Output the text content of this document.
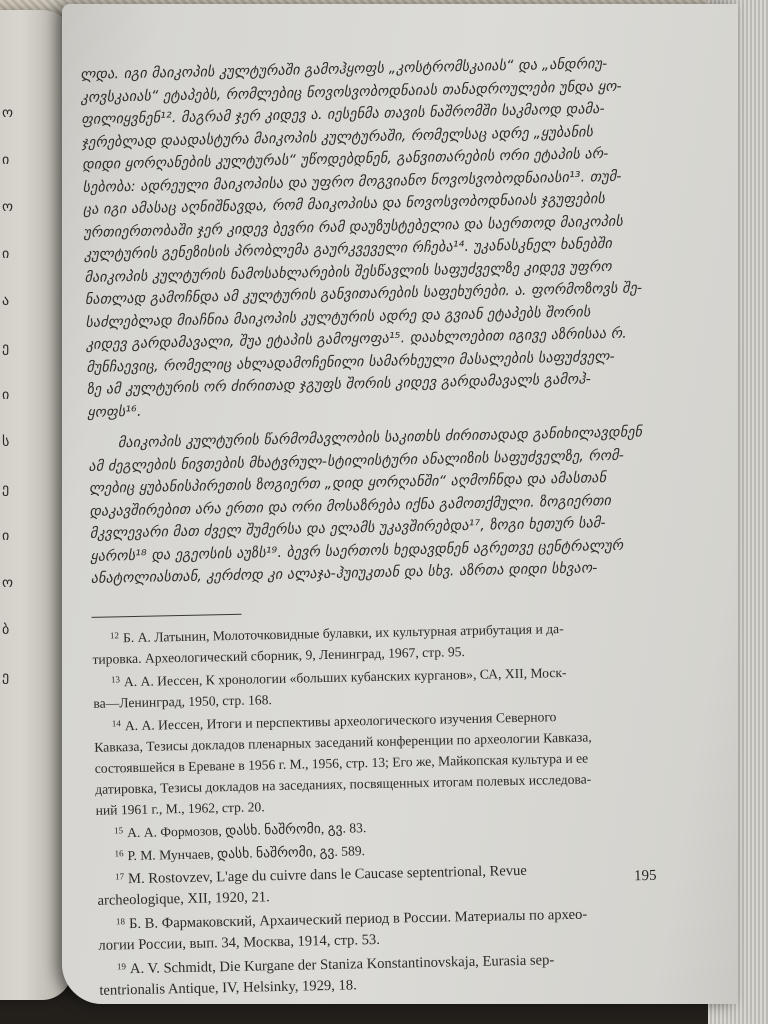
ო
ი
ო
ი
ა
ე
ი
ს
ე
ი
ო
ბ
ე
ლდა. იგი მაიკოპის კულტურაში გამოჰყოფს „კოსტრომსკაიას“ და „ანდრიუ-
კოვსკაიას“ ეტაპებს, რომლებიც ნოვოსვობოდნაიას თანადროულები უნდა ყო-
ფილიყვნენ¹². მაგრამ ჯერ კიდევ ა. იესენმა თავის ნაშრომში საკმაოდ დამა-
ჯერებლად დაადასტურა მაიკოპის კულტურაში, რომელსაც ადრე „ყუბანის
დიდი ყორღანების კულტურას“ უწოდებდნენ, განვითარების ორი ეტაპის არ-
სებობა: ადრეული მაიკოპისა და უფრო მოგვიანო ნოვოსვობოდნაიასი¹³. თუმ-
ცა იგი ამასაც აღნიშნავდა, რომ მაიკოპისა და ნოვოსვობოდნაიას ჯგუფების
ურთიერთობაში ჯერ კიდევ ბევრი რამ დაუზუსტებელია და საერთოდ მაიკოპის
კულტურის გენეზისის პრობლემა გაურკვეველი რჩება¹⁴. უკანასკნელ ხანებში
მაიკოპის კულტურის ნამოსახლარების შესწავლის საფუძველზე კიდევ უფრო
ნათლად გამოჩნდა ამ კულტურის განვითარების საფეხურები. ა. ფორმოზოვს შე-
საძლებლად მიაჩნია მაიკოპის კულტურის ადრე და გვიან ეტაპებს შორის
კიდევ გარდამავალი, შუა ეტაპის გამოყოფა¹⁵. დაახლოებით იგივე აზრისაა რ.
მუნჩაევიც, რომელიც ახლადამოჩენილი სამარხეული მასალების საფუძველ-
ზე ამ კულტურის ორ ძირითად ჯგუფს შორის კიდევ გარდამავალს გამოჰ-
ყოფს¹⁶.
მაიკოპის კულტურის წარმომავლობის საკითხს ძირითადად განიხილავდნენ
ამ ძეგლების ნივთების მხატვრულ-სტილისტური ანალიზის საფუძველზე, რომ-
ლებიც ყუბანისპირეთის ზოგიერთ „დიდ ყორღანში“ აღმოჩნდა და ამასთან
დაკავშირებით არა ერთი და ორი მოსაზრება იქნა გამოთქმული. ზოგიერთი
მკვლევარი მათ ძველ შუმერსა და ელამს უკავშირებდა¹⁷, ზოგი ხეთურ სამ-
ყაროს¹⁸ და ეგეოსის აუზს¹⁹. ბევრ საერთოს ხედავდნენ აგრეთვე ცენტრალურ
ანატოლიასთან, კერძოდ კი ალაჯა-ჰუიუკთან და სხვ. აზრთა დიდი სხვაო-
$^{12}$ Б. А. Латынин, Молоточковидные булавки, их культурная атрибутация и да-
тировка. Археологический сборник, 9, Ленинград, 1967, стр. 95.
$^{13}$ А. А. Иессен, К хронологии «больших кубанских курганов», СА, XII, Моск-
ва—Ленинград, 1950, стр. 168.
$^{14}$ А. А. Иессен, Итоги и перспективы археологического изучения Северного
Кавказа, Тезисы докладов пленарных заседаний конференции по археологии Кавказа,
состоявшейся в Ереване в 1956 г. М., 1956, стр. 13; Его же, Майкопская культура и ее
датировка, Тезисы докладов на заседаниях, посвященных итогам полевых исследова-
ний 1961 г., М., 1962, стр. 20.
$^{15}$ А. А. Формозов, დასხ. ნაშრომი, გვ. 83.
$^{16}$ Р. М. Мунчаев, დასხ. ნაშრომი, გვ. 589.
$^{17}$ M. Rostovzev, L'age du cuivre dans le Caucase septentrional, Revue
archeologique, XII, 1920, 21.
$^{18}$ Б. В. Фармаковский, Архаический период в России. Материалы по архео-
логии России, вып. 34, Москва, 1914, стр. 53.
$^{19}$ A. V. Schmidt, Die Kurgane der Staniza Konstantinovskaja, Eurasia sep-
tentrionalis Antique, IV, Helsinky, 1929, 18.
195
